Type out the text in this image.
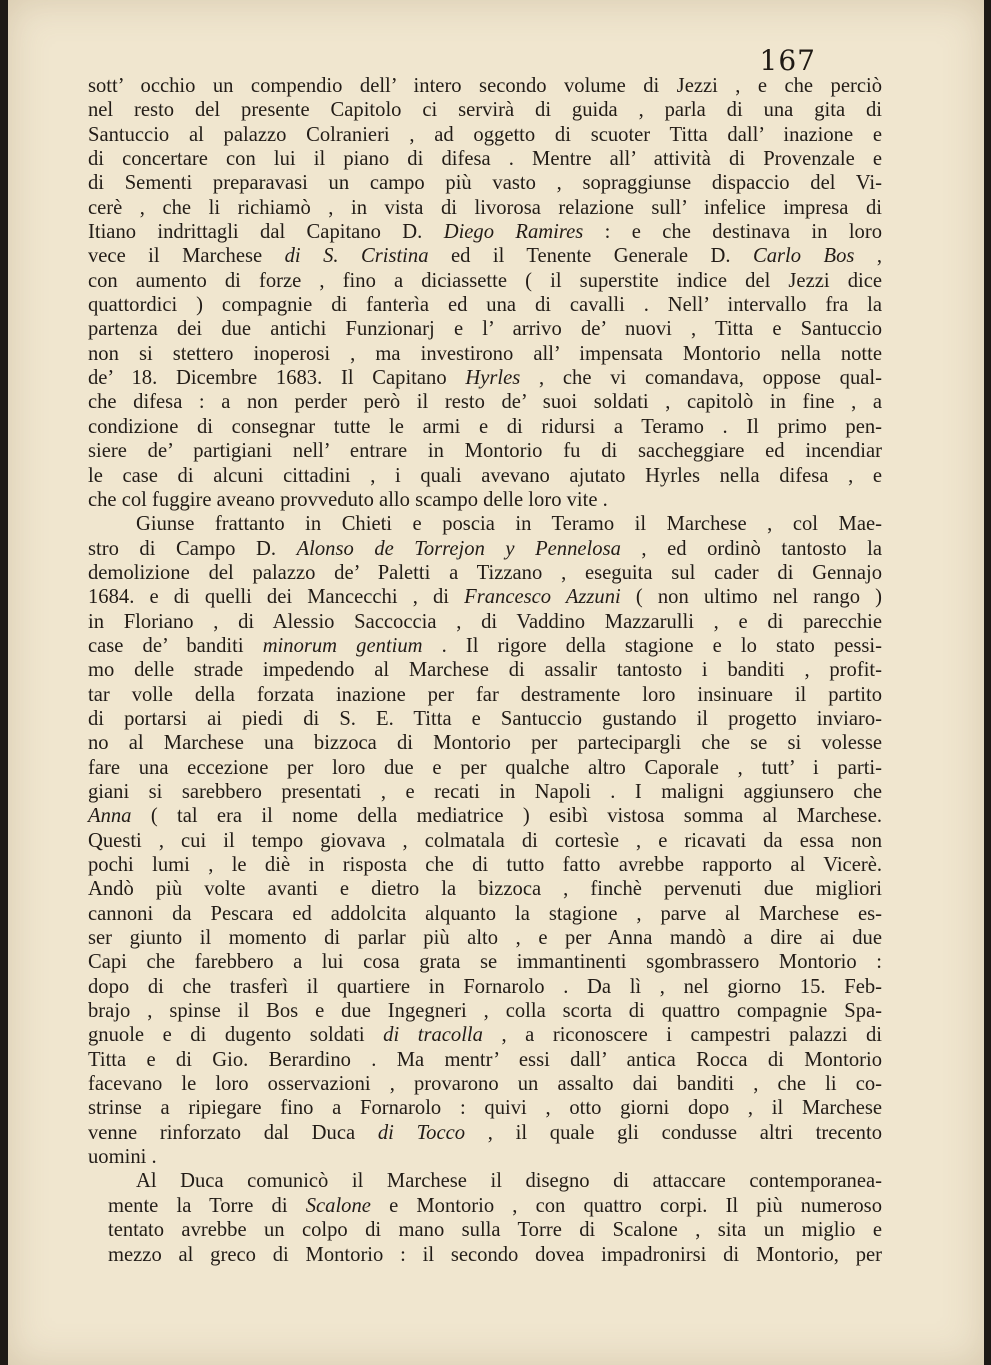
167
sott’ occhio un compendio dell’ intero secondo volume di Jezzi , e che perciò
nel resto del presente Capitolo ci servirà di guida , parla di una gita di
Santuccio al palazzo Colranieri , ad oggetto di scuoter Titta dall’ inazione e
di concertare con lui il piano di difesa . Mentre all’ attività di Provenzale e
di Sementi preparavasi un campo più vasto , sopraggiunse dispaccio del Vi-
cerè , che li richiamò , in vista di livorosa relazione sull’ infelice impresa di
Itiano indrittagli dal Capitano D. Diego Ramires : e che destinava in loro
vece il Marchese di S. Cristina ed il Tenente Generale D. Carlo Bos ,
con aumento di forze , fino a diciassette ( il superstite indice del Jezzi dice
quattordici ) compagnie di fanterìa ed una di cavalli . Nell’ intervallo fra la
partenza dei due antichi Funzionarj e l’ arrivo de’ nuovi , Titta e Santuccio
non si stettero inoperosi , ma investirono all’ impensata Montorio nella notte
de’ 18. Dicembre 1683. Il Capitano Hyrles , che vi comandava, oppose qual-
che difesa : a non perder però il resto de’ suoi soldati , capitolò in fine , a
condizione di consegnar tutte le armi e di ridursi a Teramo . Il primo pen-
siere de’ partigiani nell’ entrare in Montorio fu di saccheggiare ed incendiar
le case di alcuni cittadini , i quali avevano ajutato Hyrles nella difesa , e
che col fuggire aveano provveduto allo scampo delle loro vite .
Giunse frattanto in Chieti e poscia in Teramo il Marchese , col Mae-
stro di Campo D. Alonso de Torrejon y Pennelosa , ed ordinò tantosto la
demolizione del palazzo de’ Paletti a Tizzano , eseguita sul cader di Gennajo
1684. e di quelli dei Mancecchi , di Francesco Azzuni ( non ultimo nel rango )
in Floriano , di Alessio Saccoccia , di Vaddino Mazzarulli , e di parecchie
case de’ banditi minorum gentium . Il rigore della stagione e lo stato pessi-
mo delle strade impedendo al Marchese di assalir tantosto i banditi , profit-
tar volle della forzata inazione per far destramente loro insinuare il partito
di portarsi ai piedi di S. E. Titta e Santuccio gustando il progetto inviaro-
no al Marchese una bizzoca di Montorio per parteciparglі che se si volesse
fare una eccezione per loro due e per qualche altro Caporale , tutt’ i parti-
giani si sarebbero presentati , e recati in Napoli . I maligni aggiunsero che
Anna ( tal era il nome della mediatrice ) esibì vistosa somma al Marchese.
Questi , cui il tempo giovava , colmatala di cortesìe , e ricavati da essa non
pochi lumi , le diè in risposta che di tutto fatto avrebbe rapporto al Vicerè.
Andò più volte avanti e dietro la bizzoca , finchè pervenuti due migliori
cannoni da Pescara ed addolcita alquanto la stagione , parve al Marchese es-
ser giunto il momento di parlar più alto , e per Anna mandò a dire ai due
Capi che farebbero a lui cosa grata se immantinenti sgombrassero Montorio :
dopo di che trasferì il quartiere in Fornarolo . Da lì , nel giorno 15. Feb-
brajo , spinse il Bos e due Ingegneri , colla scorta di quattro compagnie Spa-
gnuole e di dugento soldati di tracolla , a riconoscere i campestri palazzi di
Titta e di Gio. Berardino . Ma mentr’ essi dall’ antica Rocca di Montorio
facevano le loro osservazioni , provarono un assalto dai banditi , che li co-
strinse a ripiegare fino a Fornarolo : quivi , otto giorni dopo , il Marchese
venne rinforzato dal Duca di Tocco , il quale gli condusse altri trecento
uomini .
Al Duca comunicò il Marchese il disegno di attaccare contemporanea-
mente la Torre di Scalone e Montorio , con quattro corpi. Il più numeroso
tentato avrebbe un colpo di mano sulla Torre di Scalone , sita un miglio e
mezzo al greco di Montorio : il secondo dovea impadronirsi di Montorio, per
